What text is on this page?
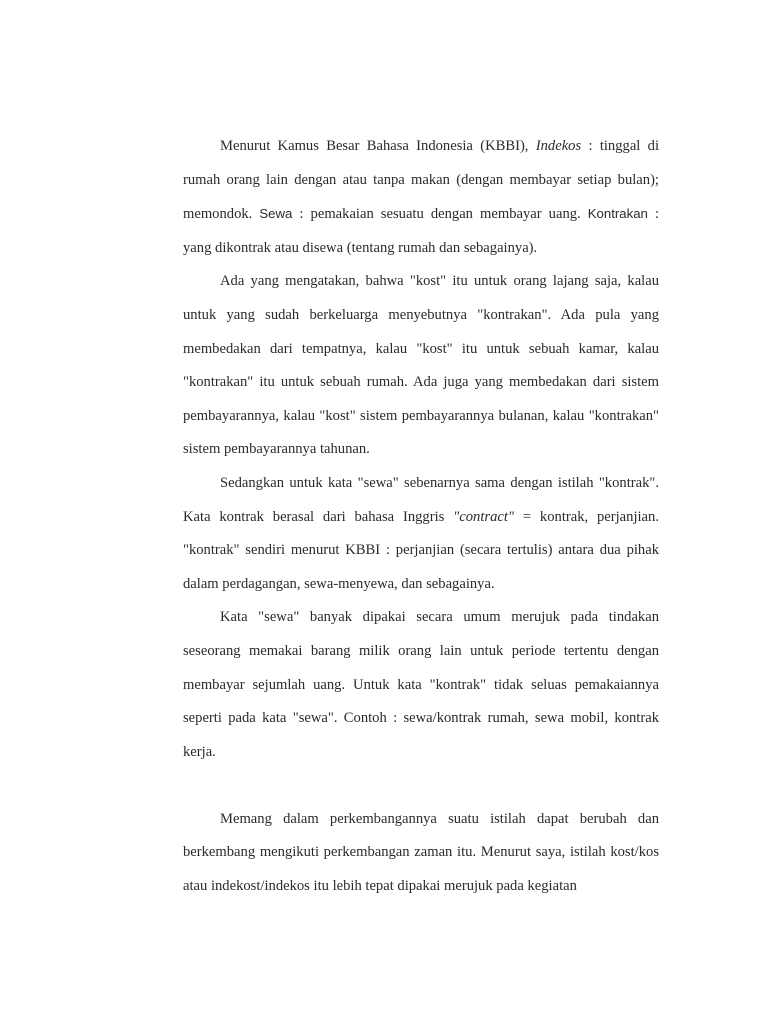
Menurut Kamus Besar Bahasa Indonesia (KBBI), Indekos : tinggal di rumah orang lain dengan atau tanpa makan (dengan membayar setiap bulan); memondok. Sewa : pemakaian sesuatu dengan membayar uang. Kontrakan : yang dikontrak atau disewa (tentang rumah dan sebagainya).

Ada yang mengatakan, bahwa "kost" itu untuk orang lajang saja, kalau untuk yang sudah berkeluarga menyebutnya "kontrakan". Ada pula yang membedakan dari tempatnya, kalau "kost" itu untuk sebuah kamar, kalau "kontrakan" itu untuk sebuah rumah. Ada juga yang membedakan dari sistem pembayarannya, kalau "kost" sistem pembayarannya bulanan, kalau "kontrakan" sistem pembayarannya tahunan.

Sedangkan untuk kata "sewa" sebenarnya sama dengan istilah "kontrak". Kata kontrak berasal dari bahasa Inggris "contract" = kontrak, perjanjian. "kontrak" sendiri menurut KBBI : perjanjian (secara tertulis) antara dua pihak dalam perdagangan, sewa-menyewa, dan sebagainya.

Kata "sewa" banyak dipakai secara umum merujuk pada tindakan seseorang memakai barang milik orang lain untuk periode tertentu dengan membayar sejumlah uang. Untuk kata "kontrak" tidak seluas pemakaiannya seperti pada kata "sewa". Contoh : sewa/kontrak rumah, sewa mobil, kontrak kerja.

Memang dalam perkembangannya suatu istilah dapat berubah dan berkembang mengikuti perkembangan zaman itu. Menurut saya, istilah kost/kos atau indekost/indekos itu lebih tepat dipakai merujuk pada kegiatan
